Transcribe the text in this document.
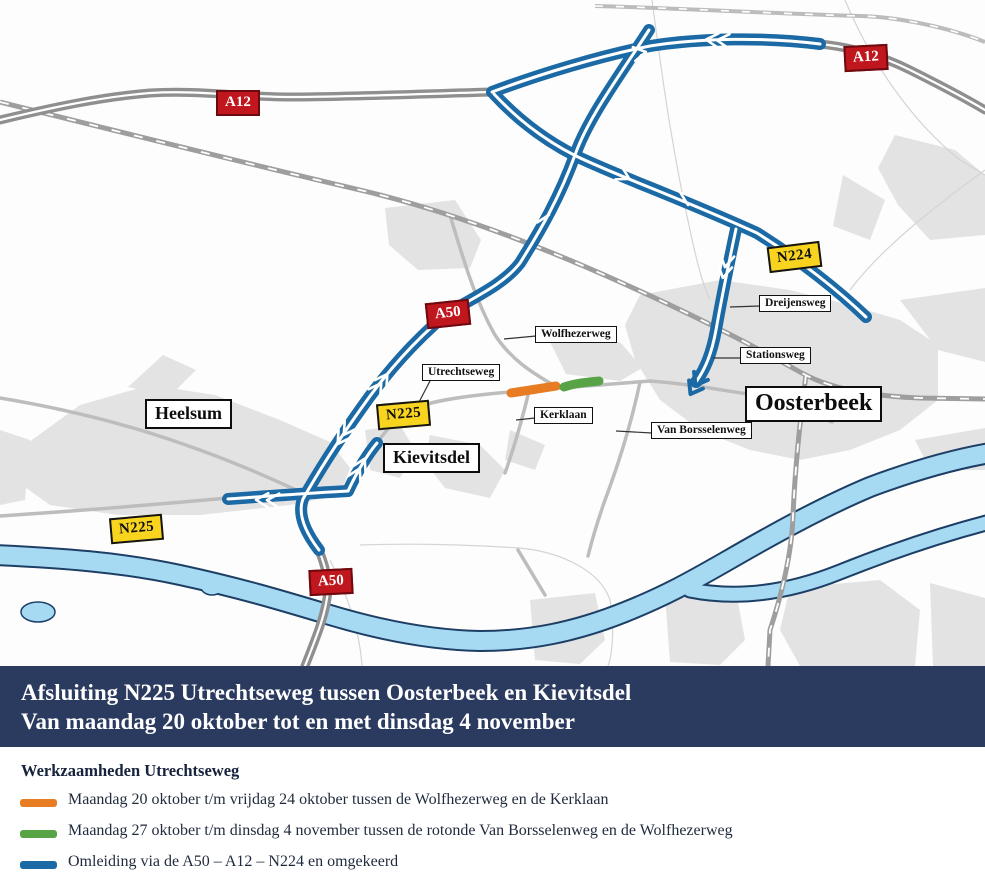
A12
A12
A50
A50
N224
N225
N225
Heelsum
Kievitsdel
Oosterbeek
Wolfhezerweg
Utrechtseweg
Kerklaan
Dreijensweg
Stationsweg
Van Borsselenweg
Afsluiting N225 Utrechtseweg tussen Oosterbeek en Kievitsdel
Van maandag 20 oktober tot en met dinsdag 4 november
Werkzaamheden Utrechtseweg
Maandag 20 oktober t/m vrijdag 24 oktober tussen de Wolfhezerweg en de Kerklaan
Maandag 27 oktober t/m dinsdag 4 november tussen de rotonde Van Borsselenweg en de Wolfhezerweg
Omleiding via de A50 – A12 – N224 en omgekeerd
